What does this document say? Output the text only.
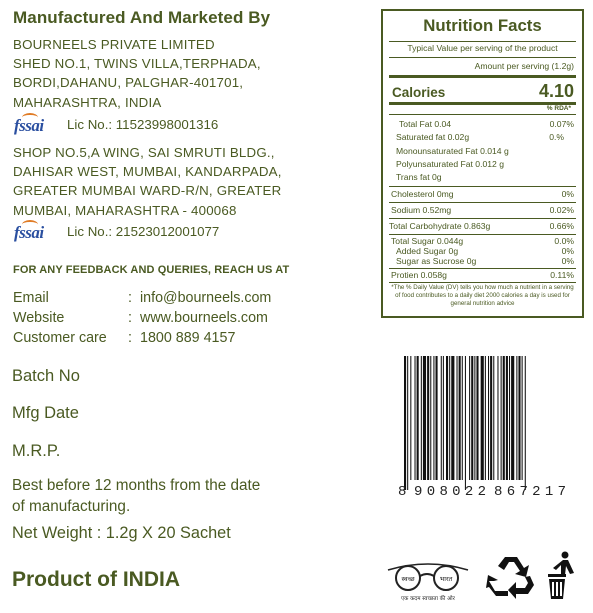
Manufactured And Marketed By
BOURNEELS PRIVATE LIMITED
SHED NO.1, TWINS VILLA,TERPHADA,
BORDI,DAHANU, PALGHAR-401701,
MAHARASHTRA, INDIA
fssai Lic No.: 11523998001316
SHOP NO.5,A WING, SAI SMRUTI BLDG.,
DAHISAR WEST, MUMBAI, KANDARPADA,
GREATER MUMBAI WARD-R/N, GREATER
MUMBAI, MAHARASHTRA - 400068
fssai Lic No.: 21523012001077
FOR ANY FEEDBACK AND QUERIES, REACH US AT
Email	: info@bourneels.com
Website	: www.bourneels.com
Customer care	: 1800 889 4157
Batch No
Mfg Date
M.R.P.
Best before 12 months from the date
of manufacturing.
Net Weight : 1.2g X 20 Sachet
Product of INDIA
Nutrition Facts
Typical Value per serving of the product
Amount per serving (1.2g)
Calories	4.10
% RDA*
Total Fat 0.04	0.07%
Saturated fat 0.02g	0.%
Monounsaturated Fat 0.014 g
Polyunsaturated Fat 0.012 g
Trans fat 0g
Cholesterol 0mg	0%
Sodium 0.52mg	0.02%
Total Carbohydrate 0.863g	0.66%
Total Sugar 0.044g	0.0%
Added Sugar 0g	0%
Sugar as Sucrose 0g	0%
Protien 0.058g	0.11%
*The % Daily Value (DV) tells you how much a nutrient in a serving of food contributes to a daily diet 2000 calories a day is used for general nutrition advice
8 908022 867217
स्वच्छ	भारत
एक कदम स्वच्छता की ओर
